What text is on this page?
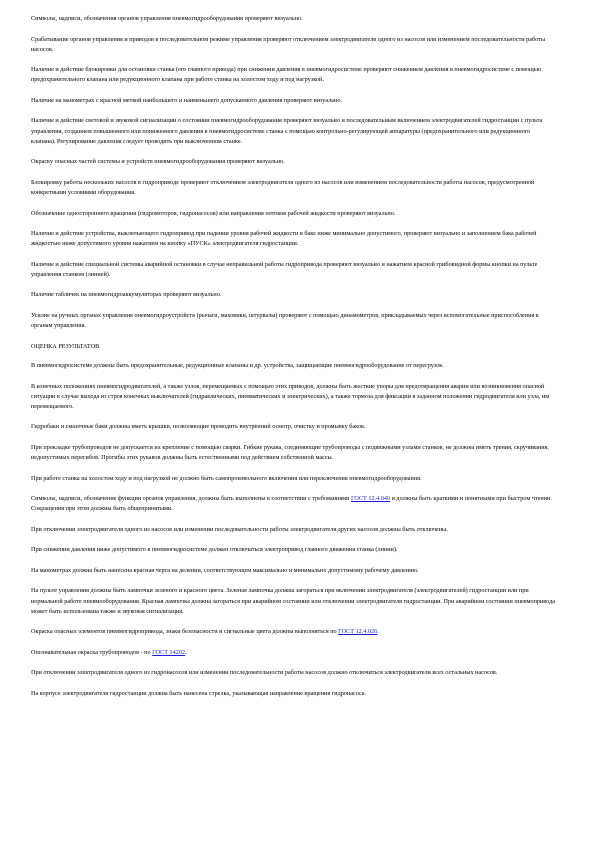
Символы, надписи, обозначения органов управления пневмогидрооборудования проверяют визуально.

Срабатывание органов управления и приводов в последовательном режиме управления проверяют отключением электродвигателя одного из насосов или изменением последовательности работы насосов.

Наличие и действие блокировки для остановки станка (его главного привода) при снижении давления в пневмогидросистеме проверяют снижением давления в пневмогидросистеме с помощью предохранительного клапана или редукционного клапана при работе станка на холостом ходу и под нагрузкой.

Наличие на манометрах с красной меткой наибольшего и наименьшего допускаемого давления проверяют визуально.

Наличие и действие световой и звуковой сигнализации о состоянии пневмогидрооборудования проверяют визуально и последовательным включением электродвигателей гидростанции с пульта управления, созданием повышенного или пониженного давления в пневмогидросистеме станка с помощью контрольно-регулирующей аппаратуры (предохранительного или редукционного клапана). Регулирование давления следует проводить при выключенном станке.

Окраску опасных частей системы и устройств пневмогидрооборудования проверяют визуально.

Блокировку работы нескольких насосов в гидроприводе проверяют отключением электродвигателя одного из насосов или изменением последовательности работы насосов, предусмотренной конкретными условиями оборудования.

Обозначение одностороннего вращения (гидромоторов, гидронасосов) или направления потоков рабочей жидкости проверяют визуально.

Наличие и действие устройства, выключающего гидропривод при падении уровня рабочей жидкости в баке ниже минимально допустимого, проверяют визуально и заполнением бака рабочей жидкостью ниже допустимого уровня нажатием на кнопку «ПУСК» электродвигателя гидростанции.

Наличие и действие специальной системы аварийной остановки в случае неправильной работы гидропривода проверяют визуально и нажатием красной грибовидной формы кнопки на пульте управления станком (линией).

Наличие табличек на пневмогидроаккумуляторах проверяют визуально.

Усилие на ручных органах управления пневмогидроустройств (рычаги, маховики, штурвалы) проверяют с помощью динамометров, прикладываемых через вспомогательные приспособления к органам управления.

ОЦЕНКА РЕЗУЛЬТАТОВ

В пневмогидросистеме должны быть предохранительные, редукционные клапаны и др. устройства, защищающие пневмогидрооборудование от перегрузок.

В конечных положениях пневмогидродвигателей, а также узлов, перемещаемых с помощью этих приводов, должны быть жесткие упоры для предотвращения аварии или возникновения опасной ситуации в случае выхода из строя конечных выключателей (гидравлических, пневматических и электрических), а также тормоза для фиксации в заданном положении гидродвигателя или узла, им перемещаемого.

Гидробаки и смазочные баки должны иметь крышки, позволяющие проводить внутренний осмотр, очистку и промывку баков.

При прокладке трубопроводов не допускается их крепление с помощью сварки. Гибкие рукава, соединяющие трубопроводы с подвижными узлами станков, не должны иметь трения, скручивания, недопустимых перегибов. Прогибы этих рукавов должны быть естественными под действием собственной массы.

При работе станка на холостом ходу и под нагрузкой не должно быть самопроизвольного включения или переключения пневмогидрооборудования.

Символы, надписи, обозначение функции органов управления, должны быть выполнены в соответствии с требованиями ГОСТ 12.4.040 и должны быть краткими и понятными при быстром чтении. Сокращения при этом должны быть общепринятыми.

При отключении электродвигателя одного из насосов или изменении последовательности работы электродвигателя других насосов должны быть отключены.

При снижении давления ниже допустимого в пневмогидросистеме должен отключаться электропривод главного движения станка (линии).

На манометрах должна быть нанесена красная черта на делении, соответствующем максимально и минимально допустимому рабочему давлению.

На пульте управления должны быть лампочки зеленого и красного цвета. Зеленая лампочка должна загораться при включении электродвигателя (электродвигателей) гидростанции или при нормальной работе пневмооборудования. Красная лампочка должна загораться при аварийном состоянии или отключении электродвигателя гидростанции. При аварийном состоянии пневмопривода может быть использована также и звуковая сигнализация.

Окраска опасных элементов пневмогидропривода, знаки безопасности и сигнальные цвета должны выполняться по ГОСТ 12.4.026.

Опознавательная окраска трубопроводов - по ГОСТ 14202.

При отключении электродвигателя одного из гидронасосов или изменении последовательности работы насосов должно отключиться электродвигатели всех остальных насосов.

На корпусе электродвигателя гидростанции должна быть нанесена стрелка, указывающая направление вращения гидронасоса.
